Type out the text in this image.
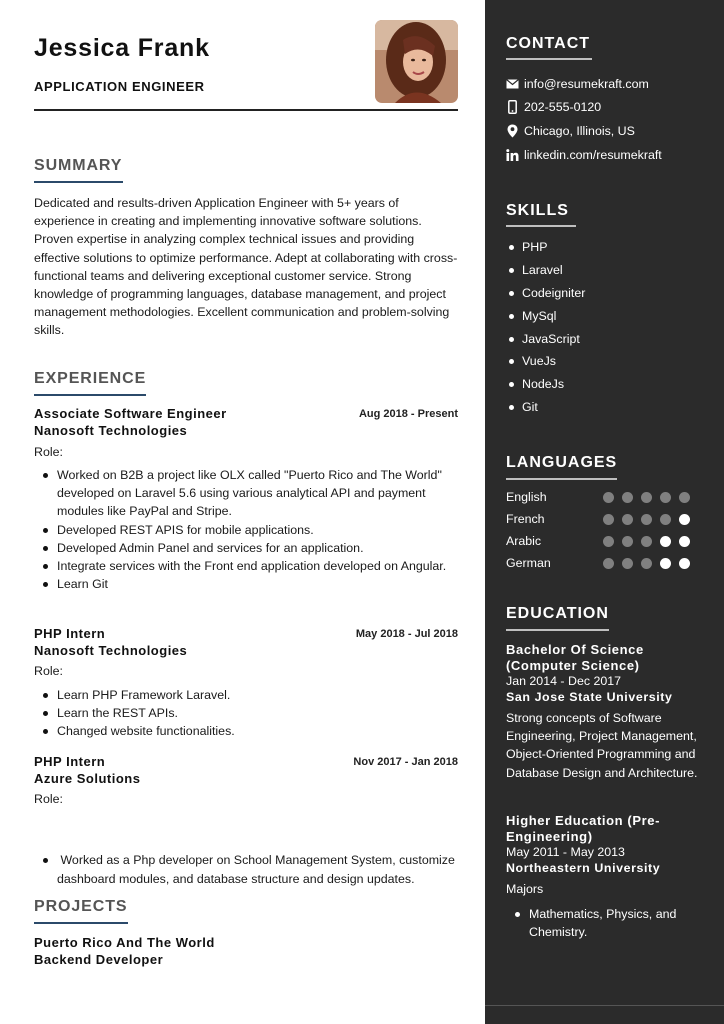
Jessica Frank
APPLICATION ENGINEER
SUMMARY
Dedicated and results-driven Application Engineer with 5+ years of experience in creating and implementing innovative software solutions. Proven expertise in analyzing complex technical issues and providing effective solutions to optimize performance. Adept at collaborating with cross-functional teams and delivering exceptional customer service. Strong knowledge of programming languages, database management, and project management methodologies. Excellent communication and problem-solving skills.
EXPERIENCE
Associate Software Engineer	Aug 2018 - Present
Nanosoft Technologies
Role:
Worked on B2B a project like OLX called "Puerto Rico and The World" developed on Laravel 5.6 using various analytical API and payment modules like PayPal and Stripe.
Developed REST APIS for mobile applications.
Developed Admin Panel and services for an application.
Integrate services with the Front end application developed on Angular.
Learn Git
PHP Intern	May 2018 - Jul 2018
Nanosoft Technologies
Role:
Learn PHP Framework Laravel.
Learn the REST APIs.
Changed website functionalities.
PHP Intern	Nov 2017 - Jan 2018
Azure Solutions
Role:

Worked as a Php developer on School Management System, customize dashboard modules, and database structure and design updates.

PROJECTS
Puerto Rico And The World
Backend Developer
CONTACT
info@resumekraft.com
202-555-0120
Chicago, Illinois, US
linkedin.com/resumekraft
SKILLS
PHP
Laravel
Codeigniter
MySql
JavaScript
VueJs
NodeJs
Git
LANGUAGES
English
French
Arabic
German
EDUCATION
Bachelor Of Science (Computer Science)
Jan 2014 - Dec 2017
San Jose State University
Strong concepts of Software Engineering, Project Management, Object-Oriented Programming and Database Design and Architecture.
Higher Education (Pre-Engineering)
May 2011 - May 2013
Northeastern University
Majors
Mathematics, Physics, and Chemistry.
